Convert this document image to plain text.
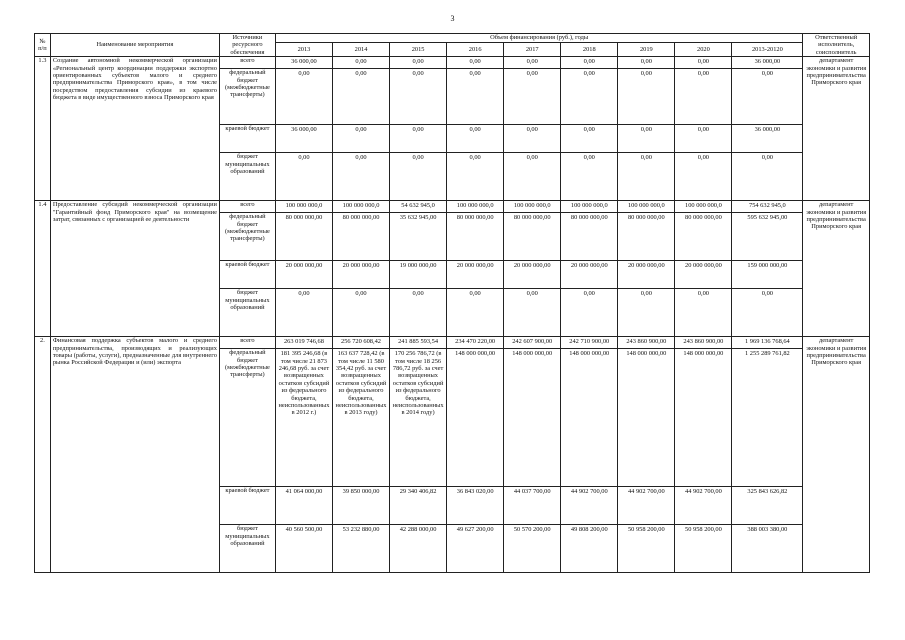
3
№ п/п	Наименование мероприятия	Источники ресурсного обеспечения	Объем финансирования (руб.), годы									Ответственный исполнитель, соисполнитель
			2013	2014	2015	2016	2017	2018	2019	2020	2013-20120	
1.3	Создание автономной некоммерческой организации «Региональный центр координации поддержки экспортно ориентированных субъектов малого и среднего предпринимательства Приморского края», в том числе посредством предоставления субсидии из краевого бюджета в виде имущественного взноса Приморского края	всего	36 000,00	0,00	0,00	0,00	0,00	0,00	0,00	0,00	36 000,00	департамент экономики и развития предпринимательства Приморского края
		федеральный бюджет (межбюджетные трансферты)	0,00	0,00	0,00	0,00	0,00	0,00	0,00	0,00	0,00	
		краевой бюджет	36 000,00	0,00	0,00	0,00	0,00	0,00	0,00	0,00	36 000,00	
		бюджет муниципальных образований	0,00	0,00	0,00	0,00	0,00	0,00	0,00	0,00	0,00	
1.4	Предоставление субсидий некоммерческой организации "Гарантийный фонд Приморского края" на возмещение затрат, связанных с организацией ее деятельности	всего	100 000 000,0	100 000 000,0	54 632 945,0	100 000 000,0	100 000 000,0	100 000 000,0	100 000 000,0	100 000 000,0	754 632 945,0	департамент экономики и развития предпринимательства Приморского края
		федеральный бюджет (межбюджетные трансферты)	80 000 000,00	80 000 000,00	35 632 945,00	80 000 000,00	80 000 000,00	80 000 000,00	80 000 000,00	80 000 000,00	595 632 945,00	
		краевой бюджет	20 000 000,00	20 000 000,00	19 000 000,00	20 000 000,00	20 000 000,00	20 000 000,00	20 000 000,00	20 000 000,00	159 000 000,00	
		бюджет муниципальных образований	0,00	0,00	0,00	0,00	0,00	0,00	0,00	0,00	0,00	
2.	Финансовая поддержка субъектов малого и среднего предпринимательства, производящих и реализующих товары (работы, услуги), предназначенные для внутреннего рынка Российской Федерации и (или) экспорта	всего	263 019 746,68	256 720 608,42	241 885 593,54	234 470 220,00	242 607 900,00	242 710 900,00	243 860 900,00	243 860 900,00	1 969 136 768,64	департамент экономики и развития предпринимательства Приморского края
		федеральный бюджет (межбюджетные трансферты)	181 395 246,68 (в том числе 21 873 246,68 руб. за счет возвращенных остатков субсидий из федерального бюджета, неиспользованных в 2012 г.)	163 637 728,42 (в том числе 11 580 354,42 руб. за счет возвращенных остатков субсидий из федерального бюджета, неиспользованных в 2013 году)	170 256 786,72 (в том числе 18 256 786,72 руб. за счет возвращенных остатков субсидий из федерального бюджета, неиспользованных в 2014 году)	148 000 000,00	148 000 000,00	148 000 000,00	148 000 000,00	148 000 000,00	1 255 289 761,82	
		краевой бюджет	41 064 000,00	39 850 000,00	29 340 406,82	36 843 020,00	44 037 700,00	44 902 700,00	44 902 700,00	44 902 700,00	325 843 626,82	
		бюджет муниципальных образований	40 560 500,00	53 232 880,00	42 288 000,00	49 627 200,00	50 570 200,00	49 808 200,00	50 958 200,00	50 958 200,00	388 003 380,00	
